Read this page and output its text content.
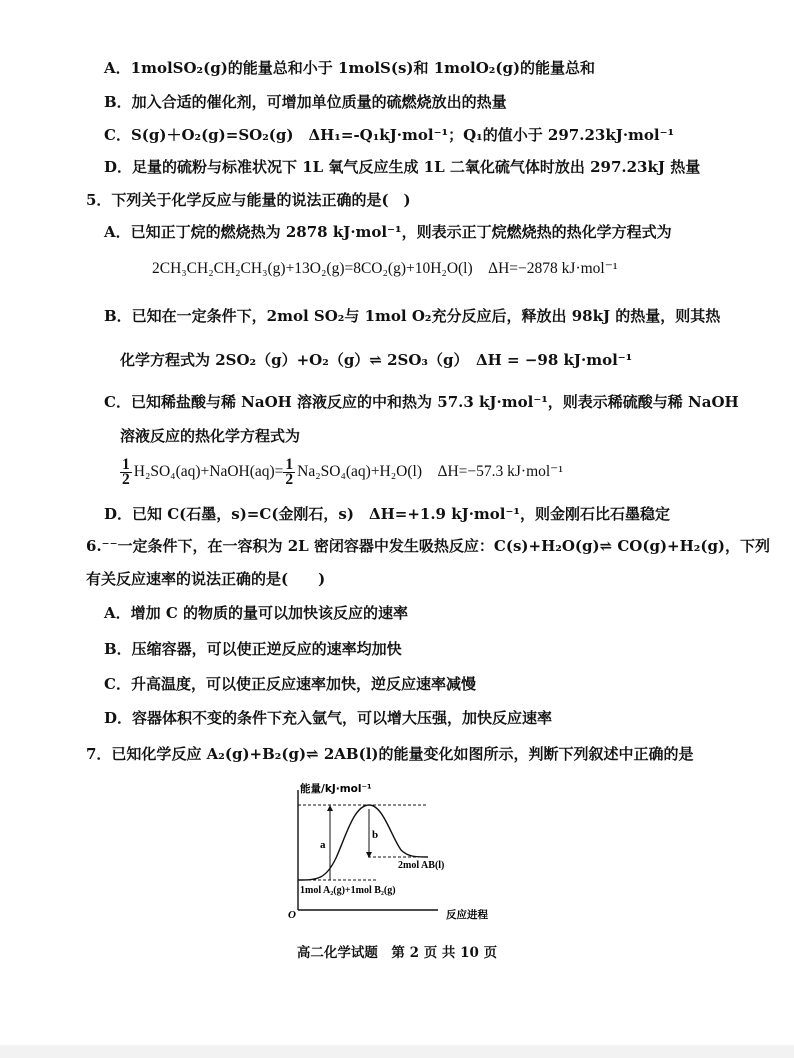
A．1molSO₂(g)的能量总和小于 1molS(s)和 1molO₂(g)的能量总和
B．加入合适的催化剂，可增加单位质量的硫燃烧放出的热量
C．S(g)＋O₂(g)=SO₂(g)　ΔH₁=-Q₁kJ·mol⁻¹；Q₁的值小于 297.23kJ·mol⁻¹
D．足量的硫粉与标准状况下 1L 氧气反应生成 1L 二氧化硫气体时放出 297.23kJ 热量
5．下列关于化学反应与能量的说法正确的是(　)
A．已知正丁烷的燃烧热为 2878 kJ·mol⁻¹，则表示正丁烷燃烧热的热化学方程式为
2CH₃CH₂CH₂CH₃(g)+13O₂(g)=8CO₂(g)+10H₂O(l)　ΔH=−2878 kJ·mol⁻¹
B．已知在一定条件下，2mol SO₂与 1mol O₂充分反应后，释放出 98kJ 的热量，则其热
化学方程式为 2SO₂（g）+O₂（g）⇌ 2SO₃（g）　ΔH = −98 kJ·mol⁻¹
C．已知稀盐酸与稀 NaOH 溶液反应的中和热为 57.3 kJ·mol⁻¹，则表示稀硫酸与稀 NaOH
溶液反应的热化学方程式为
$\frac{1}{2}$ H₂SO₄(aq)+NaOH(aq)= $\frac{1}{2} Na_2SO_4(aq)+H_2O(l)$　ΔH=−57.3 kJ·mol⁻¹
D．已知 C(石墨，s)=C(金刚石，s)　ΔH=+1.9 kJ·mol⁻¹，则金刚石比石墨稳定
6.⁻⁻一定条件下，在一容积为 2L 密闭容器中发生吸热反应：C(s)+H₂O(g)⇌ CO(g)+H₂(g)，下列
有关反应速率的说法正确的是(　　)
A．增加 C 的物质的量可以加快该反应的速率
B．压缩容器，可以使正逆反应的速率均加快
C．升高温度，可以使正反应速率加快，逆反应速率减慢
D．容器体积不变的条件下充入氩气，可以增大压强，加快反应速率
7．已知化学反应 A₂(g)+B₂(g)⇌ 2AB(l)的能量变化如图所示，判断下列叙述中正确的是
能量/kJ·mol⁻¹
反应进程
O
a
b
1mol A₂(g)+1mol B₂(g)
2mol AB(l)
高二化学试题　第 2 页 共 10 页
